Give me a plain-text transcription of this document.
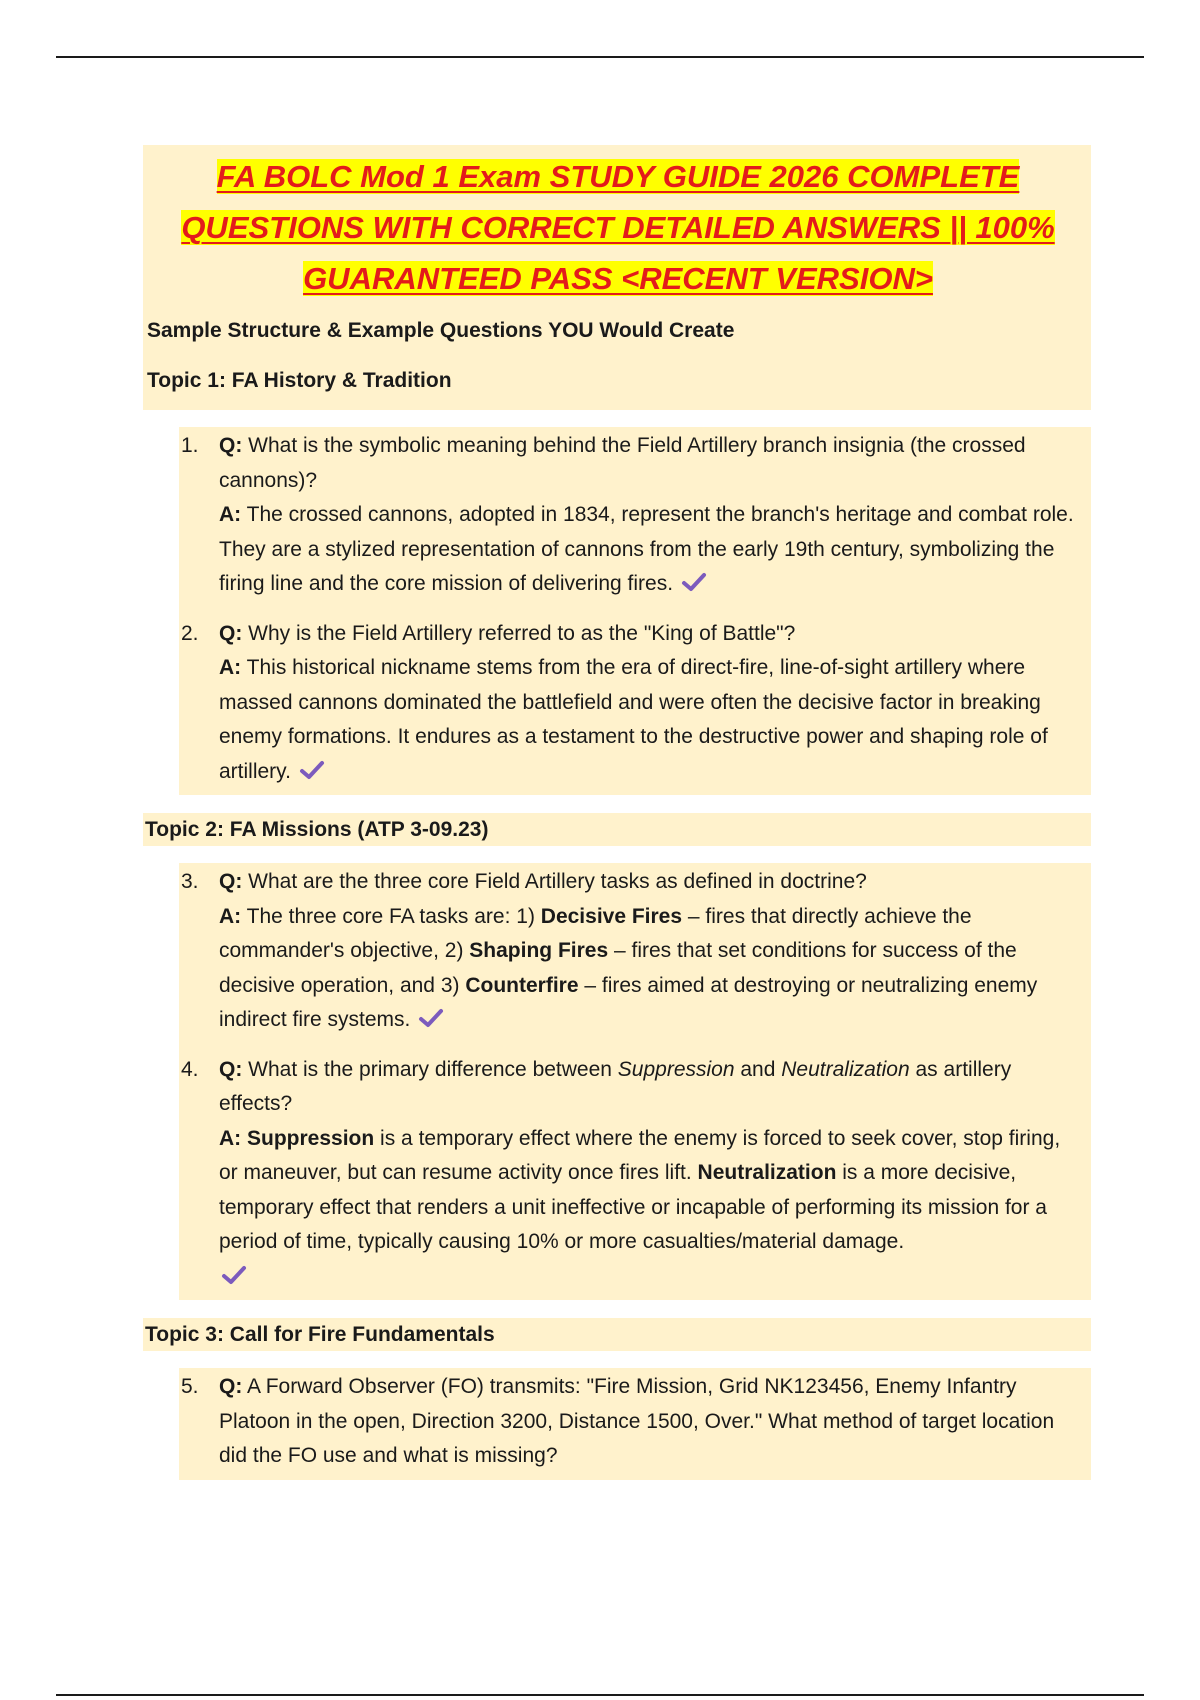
FA BOLC Mod 1 Exam STUDY GUIDE 2026 COMPLETE
QUESTIONS WITH CORRECT DETAILED ANSWERS || 100%
GUARANTEED PASS <RECENT VERSION>

Sample Structure & Example Questions YOU Would Create
Topic 1: FA History & Tradition
1. Q: What is the symbolic meaning behind the Field Artillery branch insignia (the crossed cannons)?

A: The crossed cannons, adopted in 1834, represent the branch's heritage and combat role. They are a stylized representation of cannons from the early 19th century, symbolizing the firing line and the core mission of delivering fires.

2. Q: Why is the Field Artillery referred to as the "King of Battle"?

A: This historical nickname stems from the era of direct-fire, line-of-sight artillery where massed cannons dominated the battlefield and were often the decisive factor in breaking enemy formations. It endures as a testament to the destructive power and shaping role of artillery.

Topic 2: FA Missions (ATP 3-09.23)
3. Q: What are the three core Field Artillery tasks as defined in doctrine?

A: The three core FA tasks are: 1) Decisive Fires – fires that directly achieve the commander's objective, 2) Shaping Fires – fires that set conditions for success of the decisive operation, and 3) Counterfire – fires aimed at destroying or neutralizing enemy indirect fire systems.

4. Q: What is the primary difference between Suppression and Neutralization as artillery effects?

A: Suppression is a temporary effect where the enemy is forced to seek cover, stop firing, or maneuver, but can resume activity once fires lift. Neutralization is a more decisive, temporary effect that renders a unit ineffective or incapable of performing its mission for a period of time, typically causing 10% or more casualties/material damage.

Topic 3: Call for Fire Fundamentals
5. Q: A Forward Observer (FO) transmits: "Fire Mission, Grid NK123456, Enemy Infantry Platoon in the open, Direction 3200, Distance 1500, Over." What method of target location did the FO use and what is missing?
